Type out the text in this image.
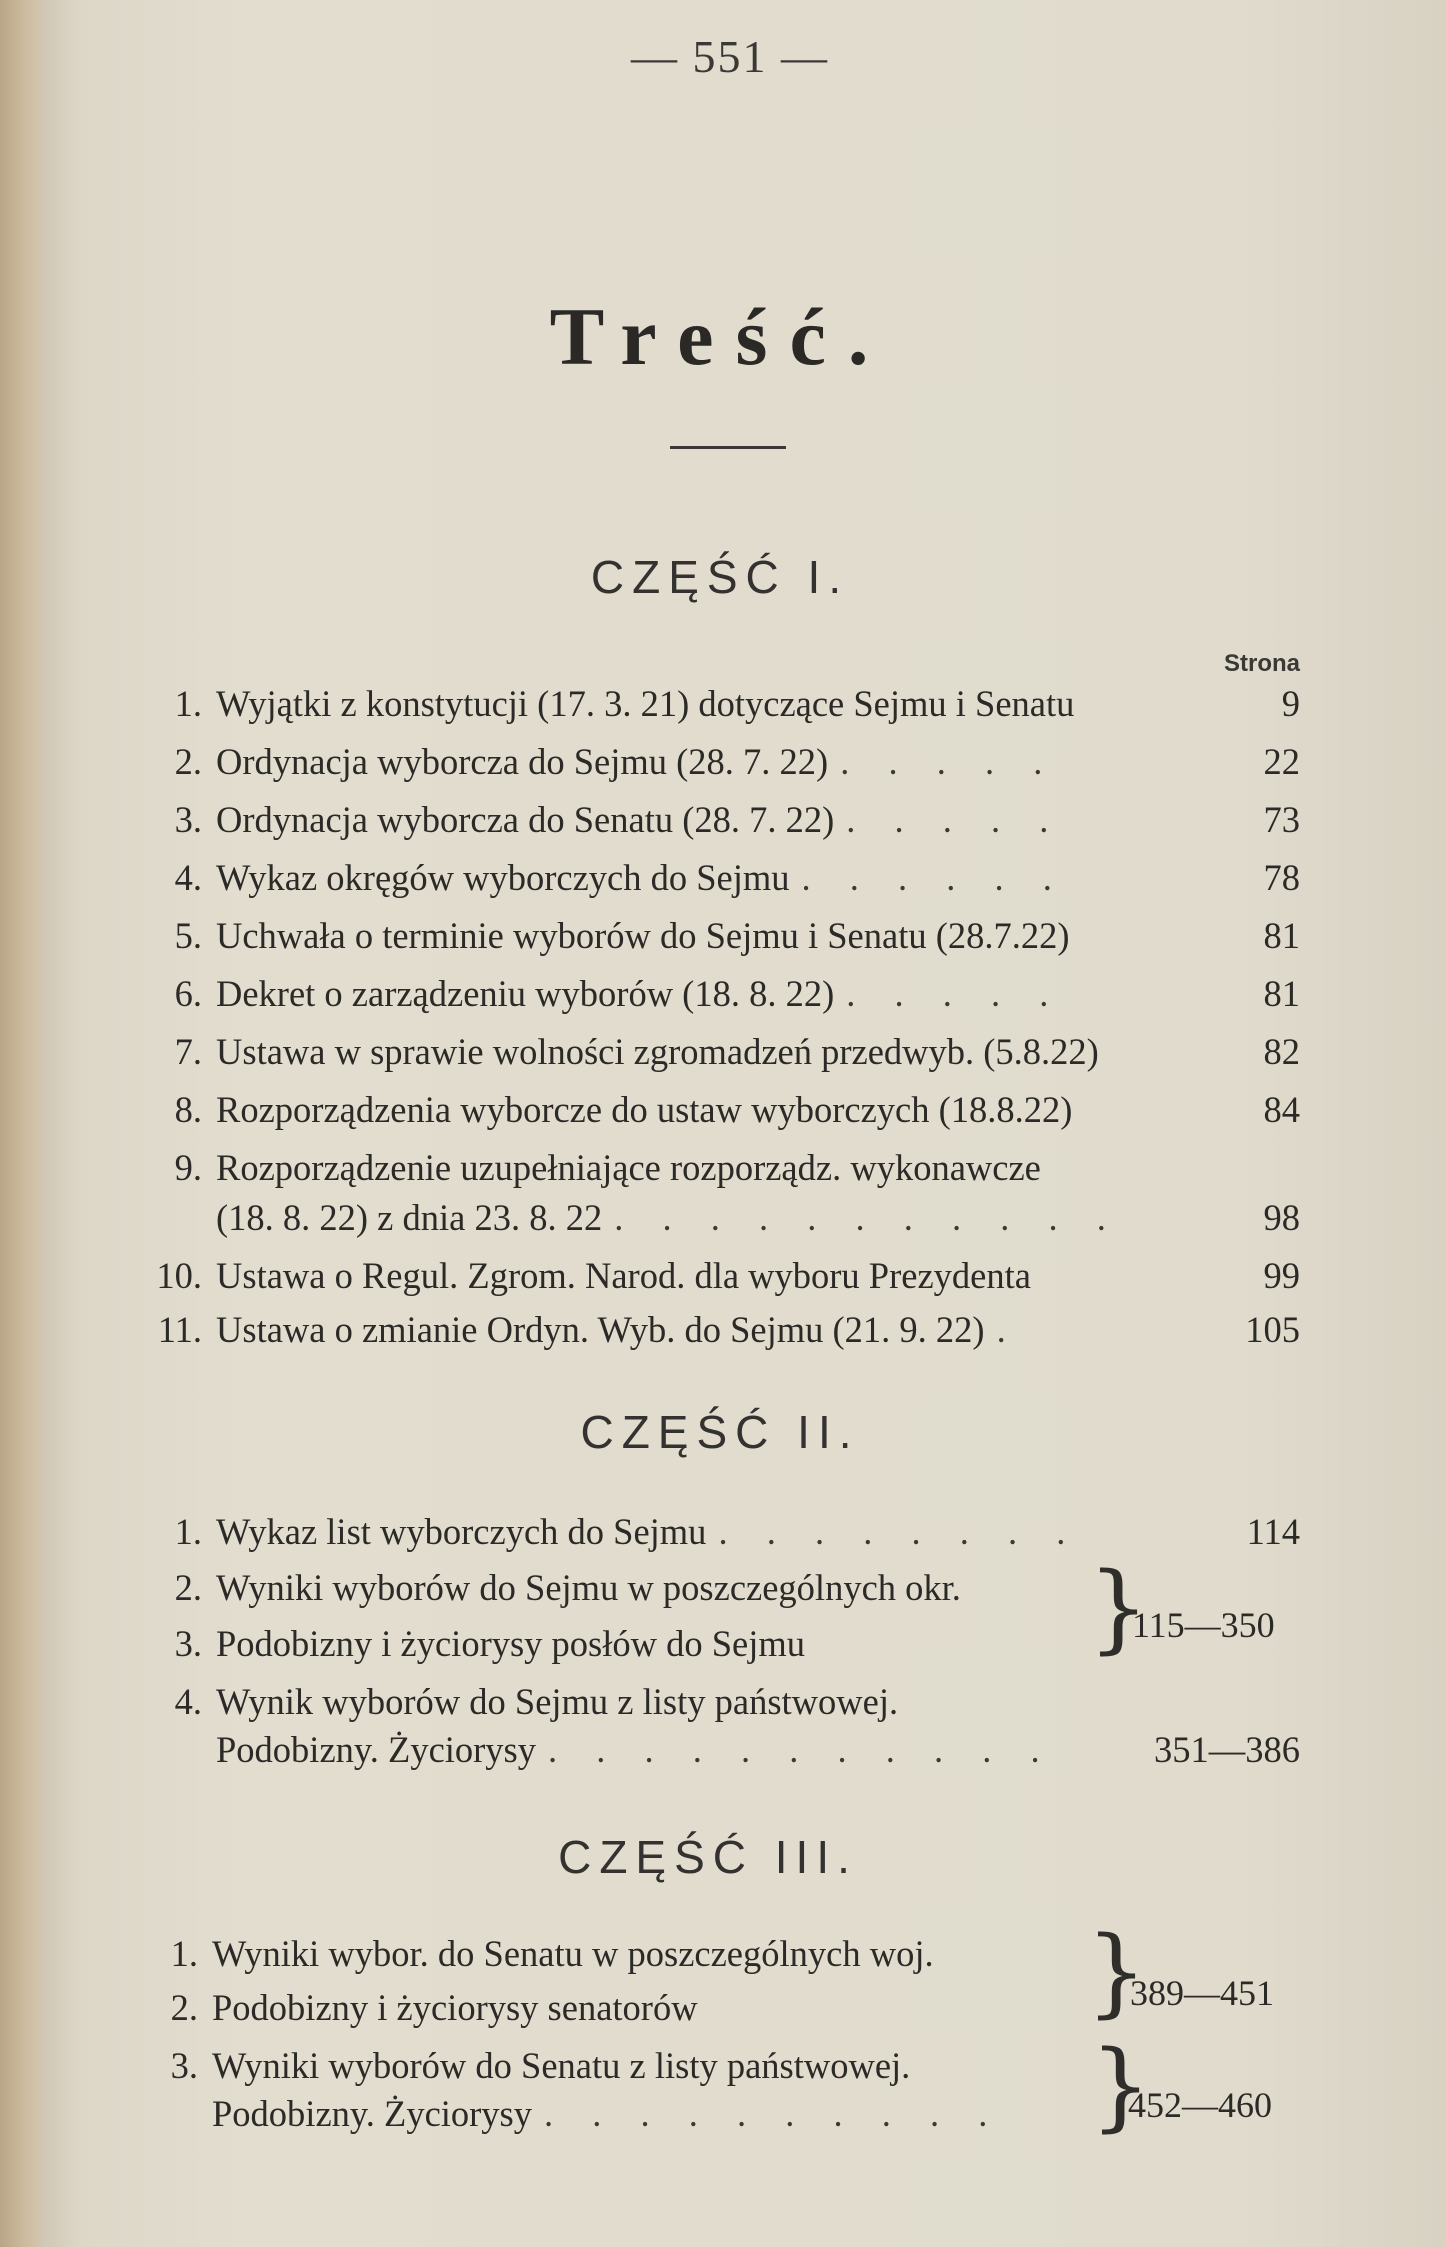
— 551 —
Treść.
CZĘŚĆ I.
Strona
1. Wyjątki z konstytucji (17. 3. 21) dotyczące Sejmu i Senatu	9
2. Ordynacja wyborcza do Sejmu (28. 7. 22) . . . . .	22
3. Ordynacja wyborcza do Senatu (28. 7. 22) . . . . .	73
4. Wykaz okręgów wyborczych do Sejmu . . . . . .	78
5. Uchwała o terminie wyborów do Sejmu i Senatu (28.7.22)	81
6. Dekret o zarządzeniu wyborów (18. 8. 22) . . . . .	81
7. Ustawa w sprawie wolności zgromadzeń przedwyb. (5.8.22)	82
8. Rozporządzenia wyborcze do ustaw wyborczych (18.8.22)	84
9. Rozporządzenie uzupełniające rozporządz. wykonawcze
(18. 8. 22) z dnia 23. 8. 22 . . . . . . . . . . .	98
10. Ustawa o Regul. Zgrom. Narod. dla wyboru Prezydenta	99
11. Ustawa o zmianie Ordyn. Wyb. do Sejmu (21. 9. 22) .	105
CZĘŚĆ II.
1. Wykaz list wyborczych do Sejmu . . . . . . . .	114
2. Wyniki wyborów do Sejmu w poszczególnych okr.
3. Podobizny i życiorysy posłów do Sejmu	}
115—350
4. Wynik wyborów do Sejmu z listy państwowej.
Podobizny. Życiorysy . . . . . . . . . . .	351—386
CZĘŚĆ III.
1. Wyniki wybor. do Senatu w poszczególnych woj.
2. Podobizny i życiorysy senatorów	}
389—451
3. Wyniki wyborów do Senatu z listy państwowej.
Podobizny. Życiorysy . . . . . . . . . . }
452—460
